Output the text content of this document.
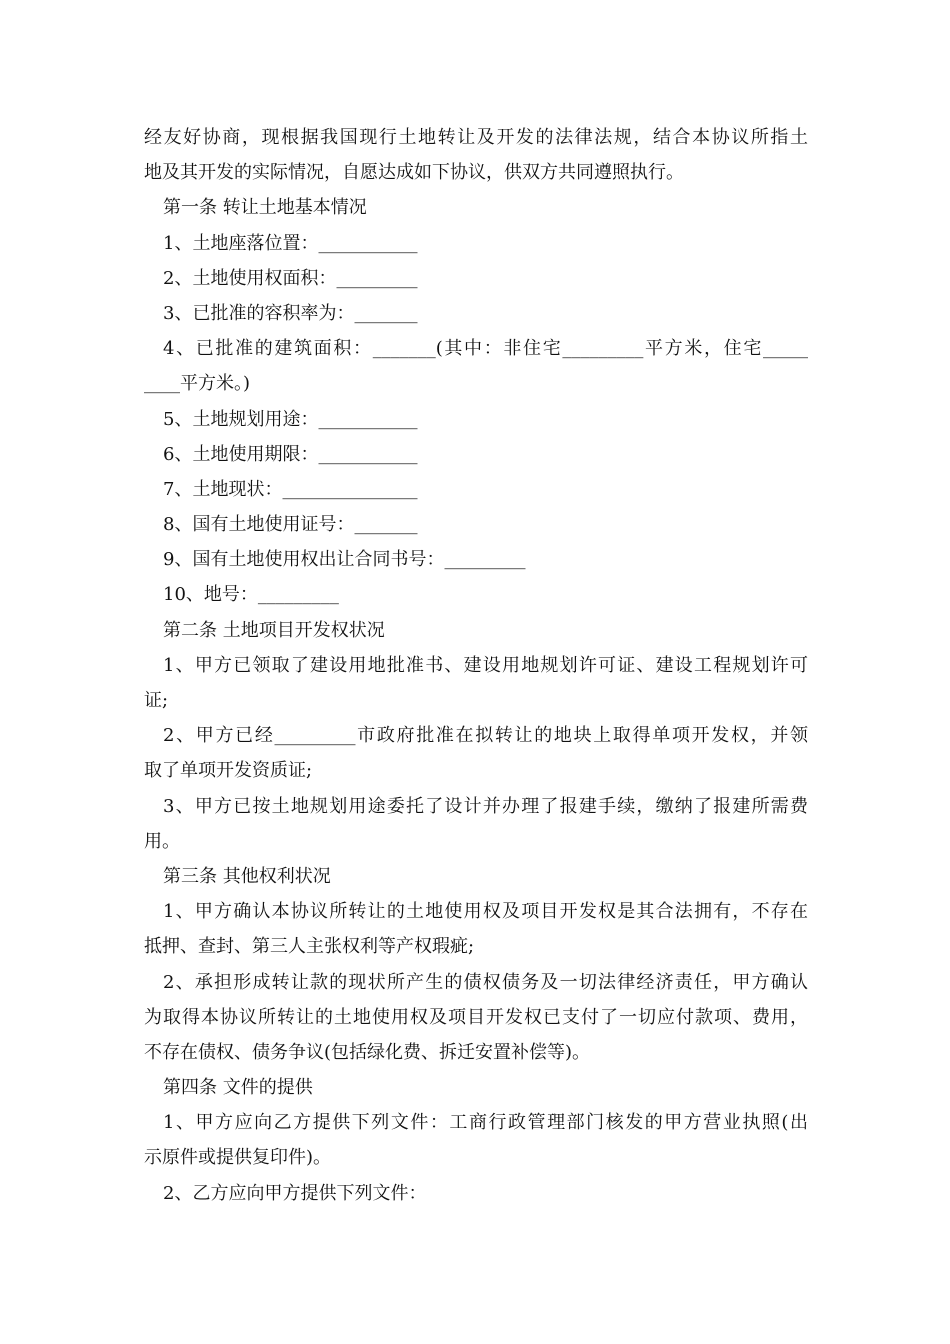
经友好协商，现根据我国现行土地转让及开发的法律法规，结合本协议所指土
地及其开发的实际情况，自愿达成如下协议，供双方共同遵照执行。
第一条 转让土地基本情况
1、土地座落位置：___________
2、土地使用权面积：_________
3、已批准的容积率为：_______
4、已批准的建筑面积：_______(其中：非住宅_________平方米，住宅_____
____平方米。)
5、土地规划用途：___________
6、土地使用期限：___________
7、土地现状：_______________
8、国有土地使用证号：_______
9、国有土地使用权出让合同书号：_________
10、地号：_________
第二条 土地项目开发权状况
1、甲方已领取了建设用地批准书、建设用地规划许可证、建设工程规划许可
证;
2、甲方已经_________市政府批准在拟转让的地块上取得单项开发权，并领
取了单项开发资质证;
3、甲方已按土地规划用途委托了设计并办理了报建手续，缴纳了报建所需费
用。
第三条 其他权利状况
1、甲方确认本协议所转让的土地使用权及项目开发权是其合法拥有，不存在
抵押、查封、第三人主张权利等产权瑕疵;
2、承担形成转让款的现状所产生的债权债务及一切法律经济责任，甲方确认
为取得本协议所转让的土地使用权及项目开发权已支付了一切应付款项、费用，
不存在债权、债务争议(包括绿化费、拆迁安置补偿等)。
第四条 文件的提供
1、甲方应向乙方提供下列文件：工商行政管理部门核发的甲方营业执照(出
示原件或提供复印件)。
2、乙方应向甲方提供下列文件：
